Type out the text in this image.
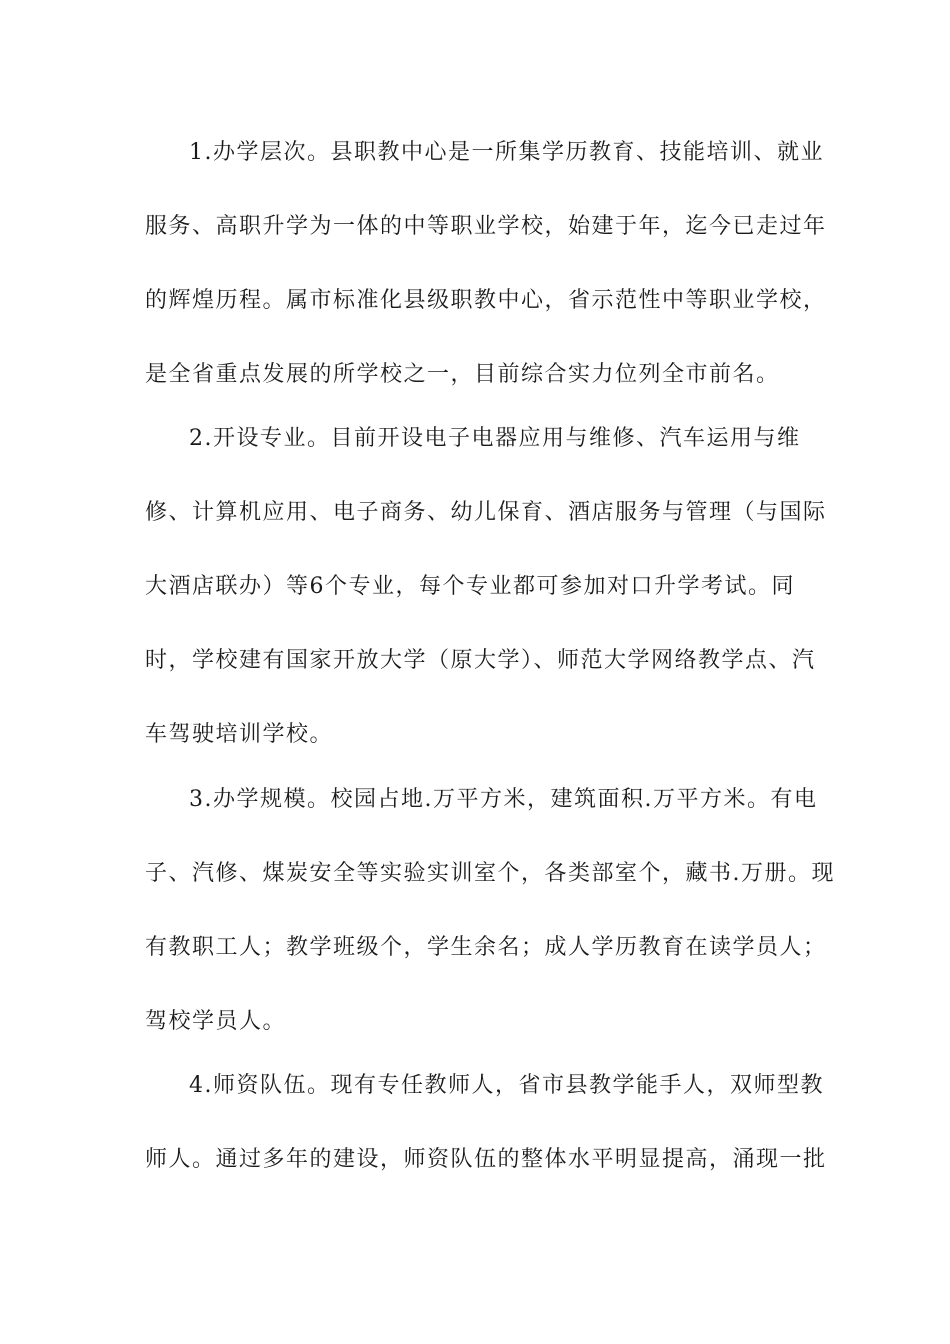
1.办学层次。县职教中心是一所集学历教育、技能培训、就业
服务、高职升学为一体的中等职业学校，始建于年，迄今已走过年
的辉煌历程。属市标准化县级职教中心，省示范性中等职业学校，
是全省重点发展的所学校之一，目前综合实力位列全市前名。
2.开设专业。目前开设电子电器应用与维修、汽车运用与维
修、计算机应用、电子商务、幼儿保育、酒店服务与管理（与国际
大酒店联办）等6个专业，每个专业都可参加对口升学考试。同
时，学校建有国家开放大学（原大学）、师范大学网络教学点、汽
车驾驶培训学校。
3.办学规模。校园占地.万平方米，建筑面积.万平方米。有电
子、汽修、煤炭安全等实验实训室个，各类部室个，藏书.万册。现
有教职工人；教学班级个，学生余名；成人学历教育在读学员人；
驾校学员人。
4.师资队伍。现有专任教师人，省市县教学能手人，双师型教
师人。通过多年的建设，师资队伍的整体水平明显提高，涌现一批
